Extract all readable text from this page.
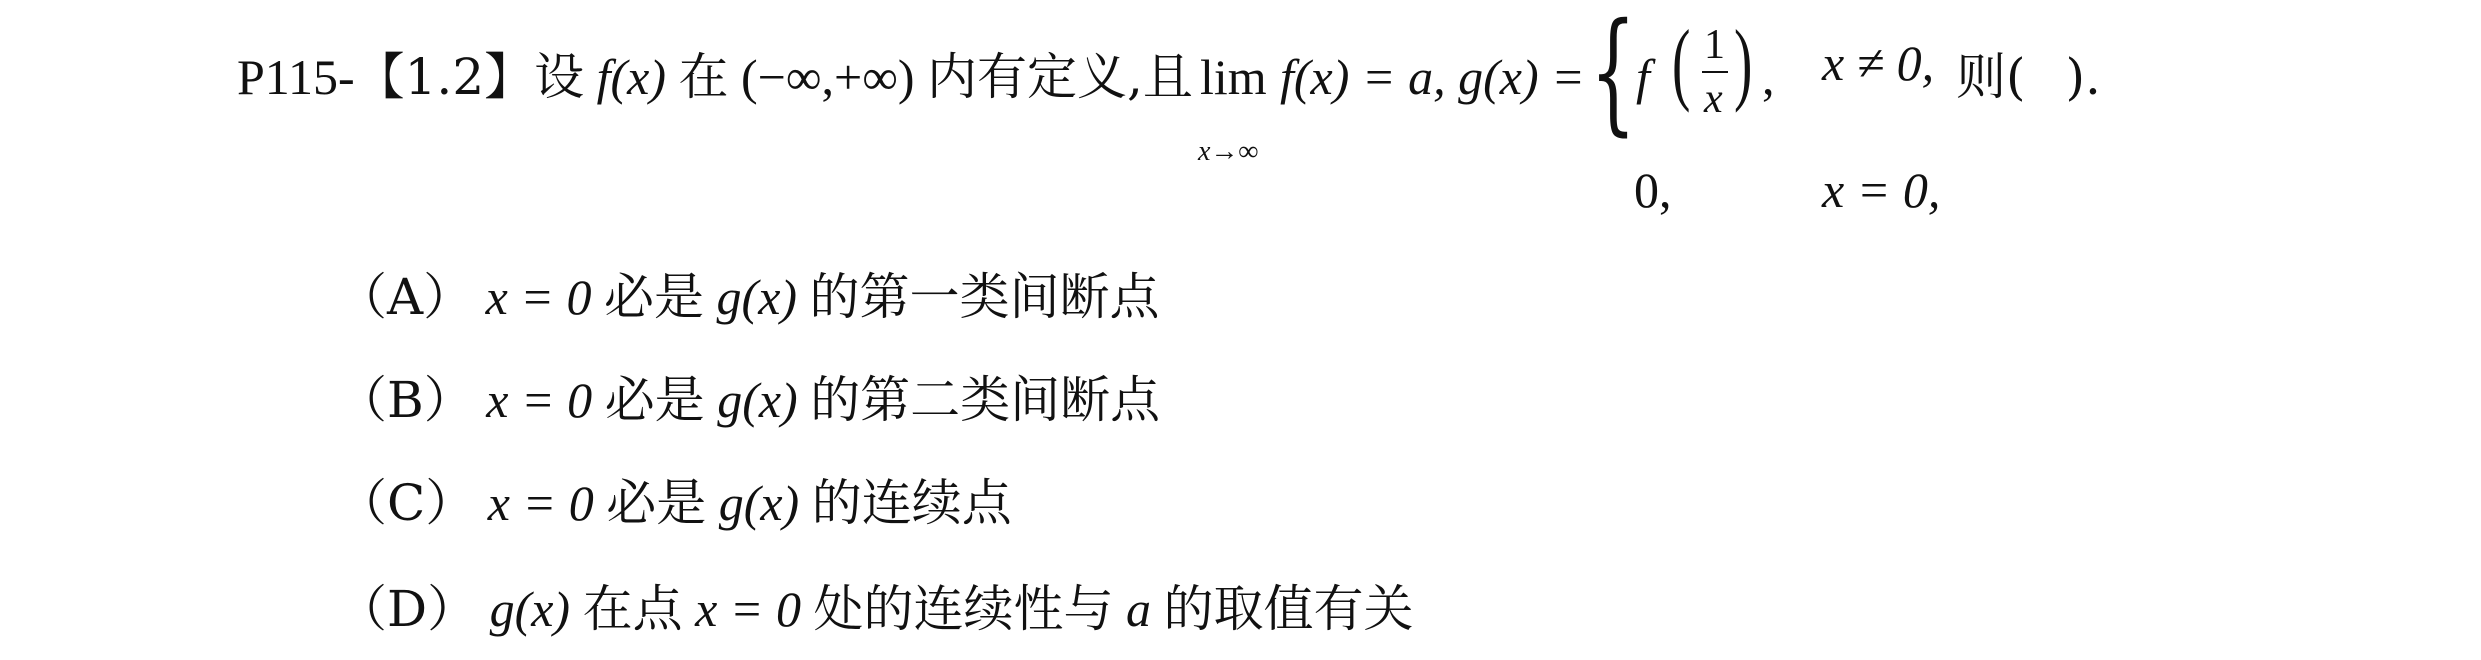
P115-【1.2】设 f(x) 在 (−∞,+∞) 内有定义,且 lim
x→∞
f(x) = a, g(x) = { f ( 1
x ) , x ≠ 0,
0,	x = 0,
则( ).
（A） x = 0 必是 g(x) 的第一类间断点
（B） x = 0 必是 g(x) 的第二类间断点
（C） x = 0 必是 g(x) 的连续点
（D） g(x) 在点 x = 0 处的连续性与 a 的取值有关
